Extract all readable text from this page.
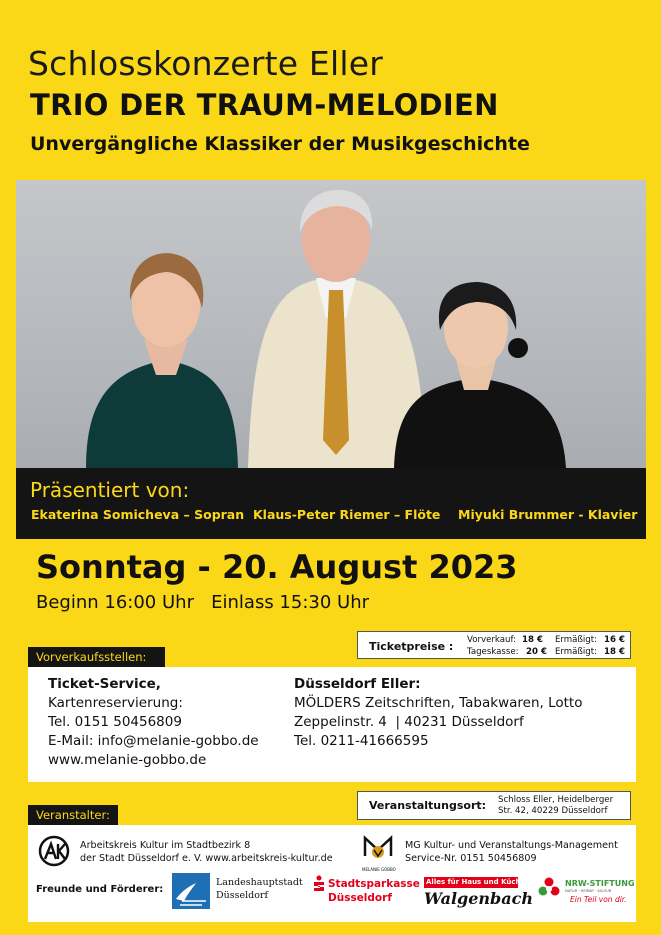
Schlosskonzerte Eller
TRIO DER TRAUM-MELODIEN
Unvergängliche Klassiker der Musikgeschichte
Präsentiert von:
Ekaterina Somicheva – Sopran Klaus-Peter Riemer – Flöte Miyuki Brummer - Klavier
Sonntag - 20. August 2023
Beginn 16:00 Uhr   Einlass 15:30 Uhr
Ticketpreise : Vorverkauf: 18 € Ermäßigt: 16 €
Tageskasse: 20 € Ermäßigt: 18 €
Vorverkaufsstellen:
Ticket-Service,
Kartenreservierung:
Tel. 0151 50456809
E-Mail: info@melanie-gobbo.de
www.melanie-gobbo.de
Düsseldorf Eller:
MÖLDERS Zeitschriften, Tabakwaren, Lotto
Zeppelinstr. 4  | 40231 Düsseldorf
Tel. 0211-41666595
Veranstaltungsort: Schloss Eller, Heidelberger
Str. 42, 40229 Düsseldorf
Veranstalter:
Arbeitskreis Kultur im Stadtbezirk 8
der Stadt Düsseldorf e. V. www.arbeitskreis-kultur.de
MELANIE GOBBO
MG Kultur- und Veranstaltungs-Management
Service-Nr. 0151 50456809
Freunde und Förderer:
Landeshauptstadt
Düsseldorf
Stadtsparkasse
Düsseldorf
Alles für Haus und Küche
Walgenbach
NRW-STIFTUNG
NATUR · HEIMAT · KULTUR
Ein Teil von dir.
